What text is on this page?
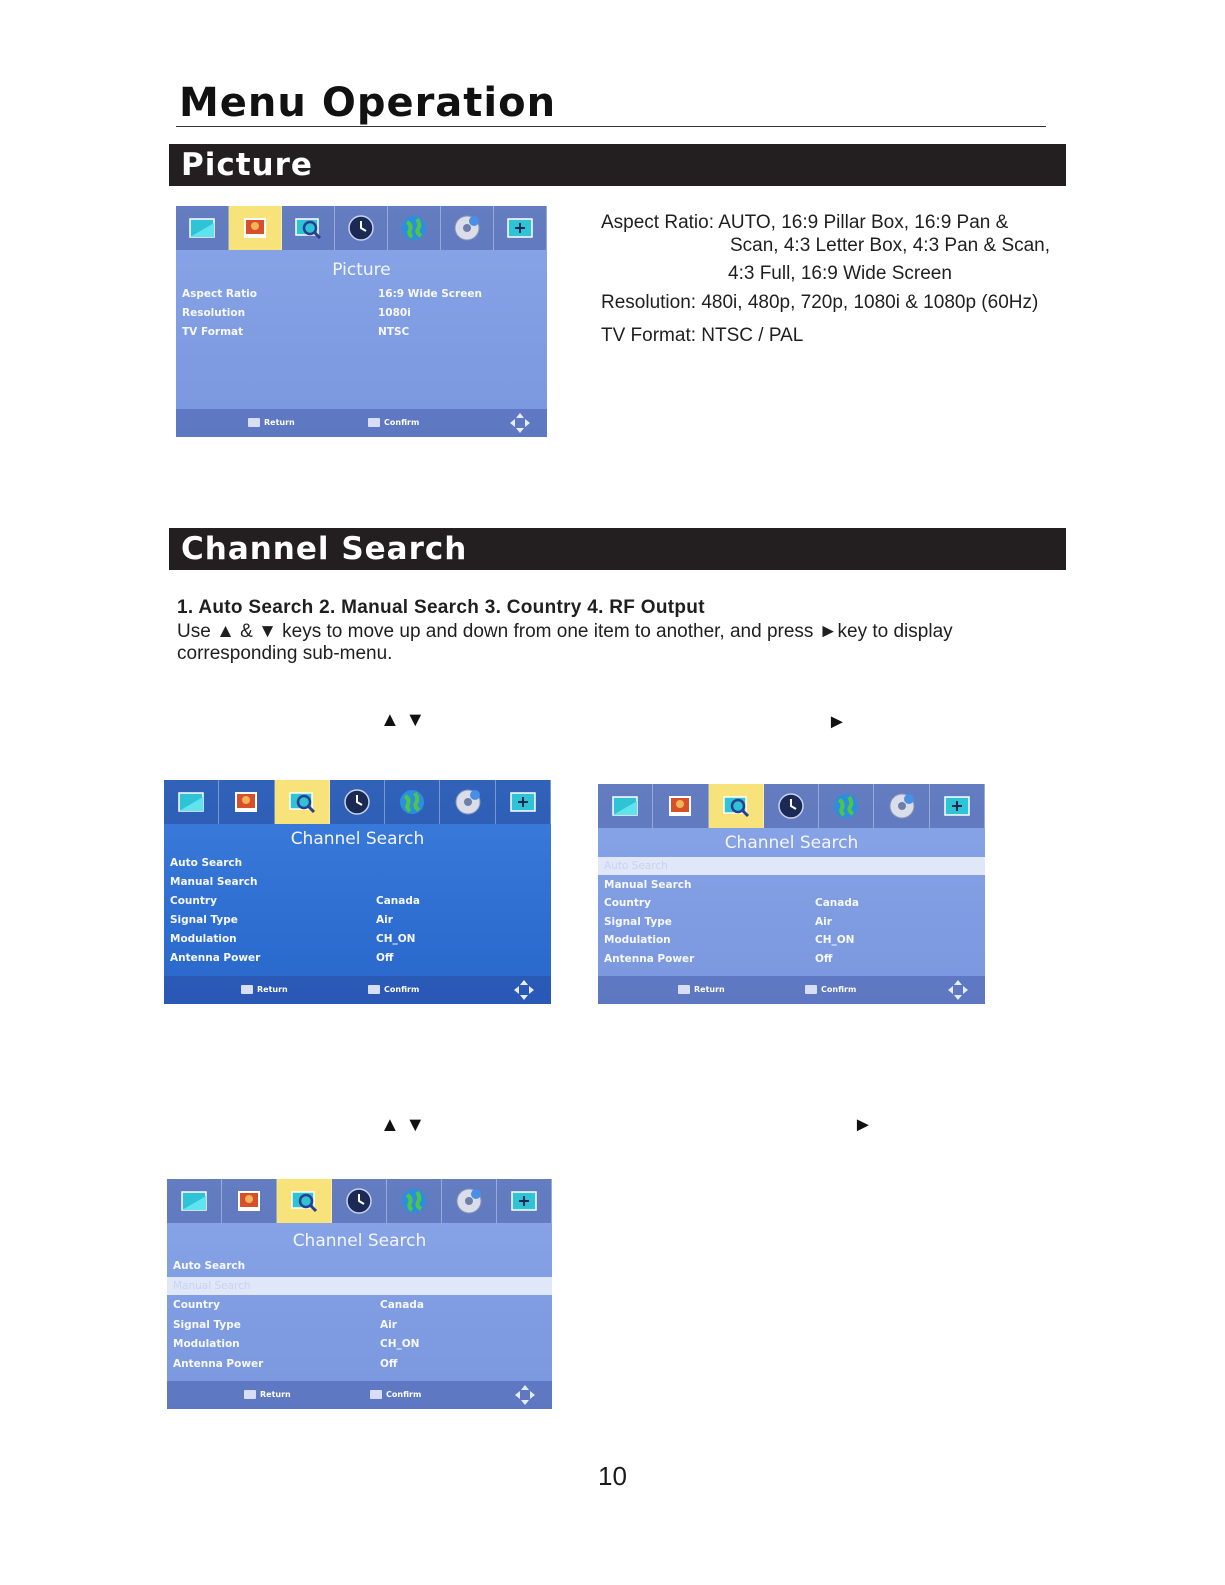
Menu Operation
Picture
Picture
Aspect Ratio	16:9 Wide Screen
Resolution	1080i
TV Format	NTSC
Return	Confirm
Aspect Ratio: AUTO, 16:9 Pillar Box, 16:9 Pan &
Scan, 4:3 Letter Box, 4:3 Pan & Scan,
4:3 Full, 16:9 Wide Screen
Resolution: 480i, 480p, 720p, 1080i & 1080p (60Hz)
TV Format: NTSC / PAL
Channel Search
1. Auto Search 2. Manual Search 3. Country 4. RF Output
Use ▲ & ▼ keys to move up and down from one item to another, and press ►key to display
corresponding sub-menu.
▲ ▼	►
Channel Search
Auto Search
Manual Search
Country	Canada
Signal Type	Air
Modulation	CH_ON
Antenna Power	Off
Return	Confirm
Channel Search
Auto Search
Manual Search
Country	Canada
Signal Type	Air
Modulation	CH_ON
Antenna Power	Off
Return	Confirm
▲ ▼	►
Channel Search
Auto Search
Manual Search
Country	Canada
Signal Type	Air
Modulation	CH_ON
Antenna Power	Off
Return	Confirm
10
